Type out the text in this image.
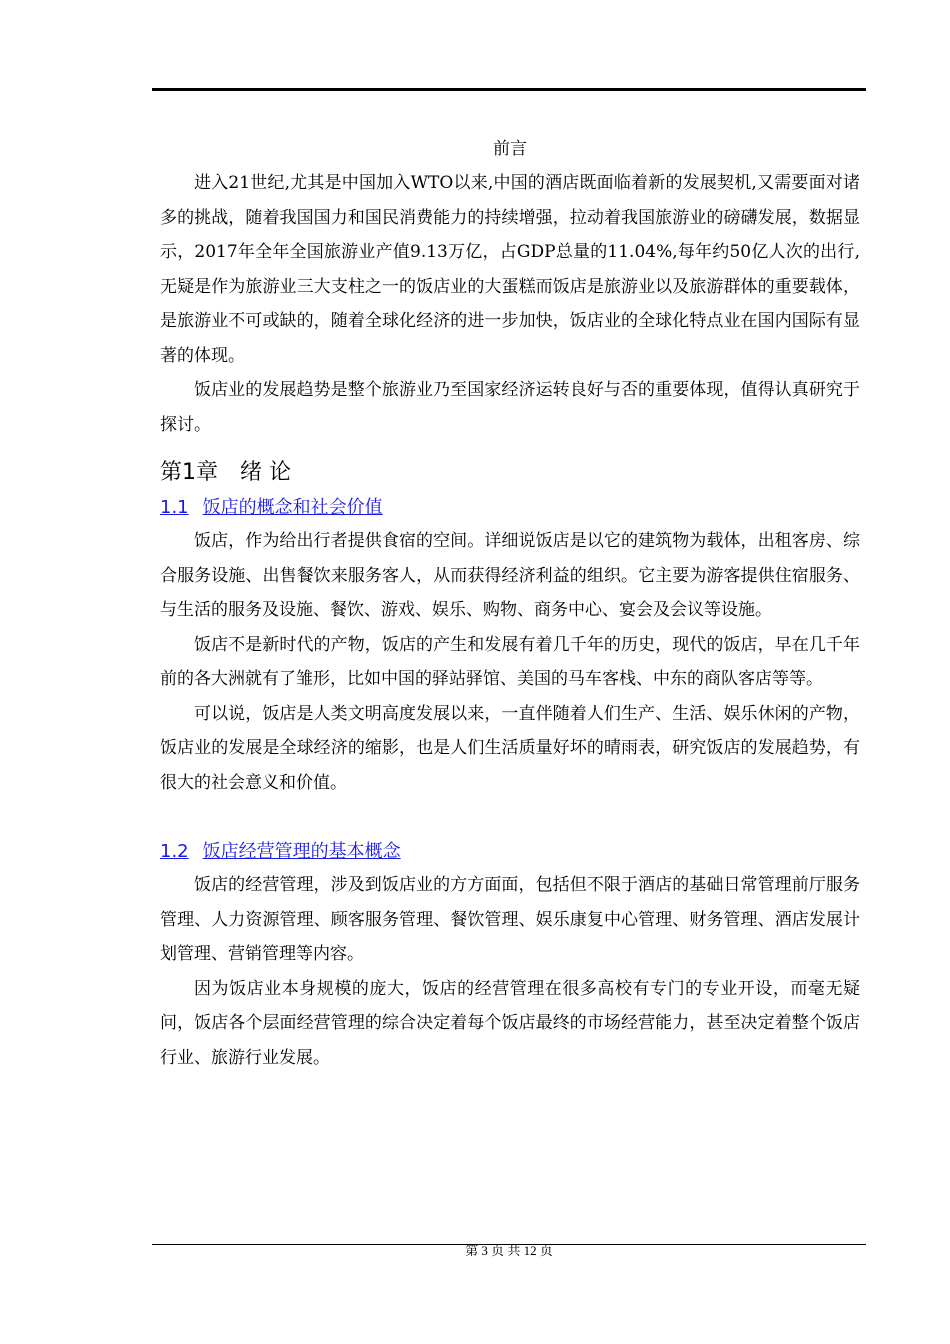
前言

进入21世纪,尤其是中国加入WTO以来,中国的酒店既面临着新的发展契机,又需要面对诸多的挑战，随着我国国力和国民消费能力的持续增强，拉动着我国旅游业的磅礴发展，数据显示，2017年全年全国旅游业产值9.13万亿，占GDP总量的11.04%,每年约50亿人次的出行,无疑是作为旅游业三大支柱之一的饭店业的大蛋糕而饭店是旅游业以及旅游群体的重要载体，是旅游业不可或缺的，随着全球化经济的进一步加快，饭店业的全球化特点业在国内国际有显著的体现。

饭店业的发展趋势是整个旅游业乃至国家经济运转良好与否的重要体现，值得认真研究于探讨。

第1章 绪 论
1.1 饭店的概念和社会价值

饭店，作为给出行者提供食宿的空间。详细说饭店是以它的建筑物为载体，出租客房、综合服务设施、出售餐饮来服务客人，从而获得经济利益的组织。它主要为游客提供住宿服务、与生活的服务及设施、餐饮、游戏、娱乐、购物、商务中心、宴会及会议等设施。

饭店不是新时代的产物，饭店的产生和发展有着几千年的历史，现代的饭店，早在几千年前的各大洲就有了雏形，比如中国的驿站驿馆、美国的马车客栈、中东的商队客店等等。

可以说，饭店是人类文明高度发展以来，一直伴随着人们生产、生活、娱乐休闲的产物，饭店业的发展是全球经济的缩影，也是人们生活质量好坏的晴雨表，研究饭店的发展趋势，有很大的社会意义和价值。

1.2 饭店经营管理的基本概念

饭店的经营管理，涉及到饭店业的方方面面，包括但不限于酒店的基础日常管理前厅服务管理、人力资源管理、顾客服务管理、餐饮管理、娱乐康复中心管理、财务管理、酒店发展计划管理、营销管理等内容。

因为饭店业本身规模的庞大，饭店的经营管理在很多高校有专门的专业开设，而毫无疑问，饭店各个层面经营管理的综合决定着每个饭店最终的市场经营能力，甚至决定着整个饭店行业、旅游行业发展。

第 3 页 共 12 页
